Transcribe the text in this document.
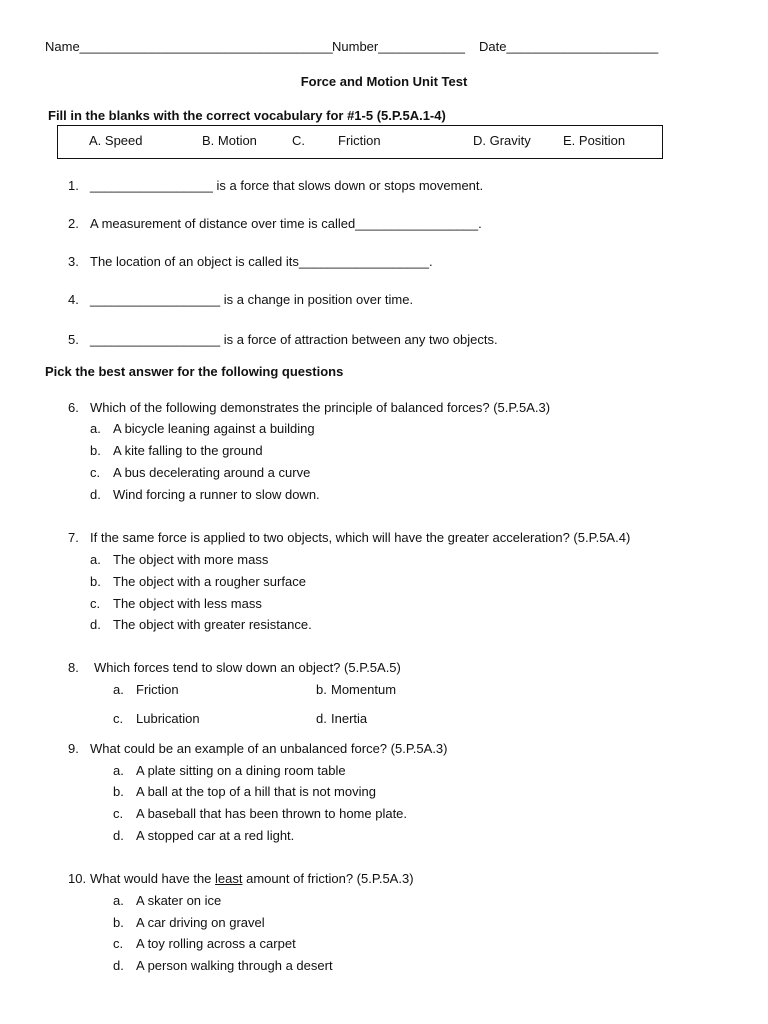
Name___________________________________ Number____________ Date_____________________
Force and Motion Unit Test
Fill in the blanks with the correct vocabulary for #1-5 (5.P.5A.1-4)
A. Speed	B. Motion	C.	Friction	D. Gravity E. Position
1. _________________ is a force that slows down or stops movement.
2. A measurement of distance over time is called_________________.
3. The location of an object is called its__________________.
4. __________________ is a change in position over time.
5. __________________ is a force of attraction between any two objects.
Pick the best answer for the following questions
6. Which of the following demonstrates the principle of balanced forces? (5.P.5A.3)
a. A bicycle leaning against a building
b. A kite falling to the ground
c. A bus decelerating around a curve
d. Wind forcing a runner to slow down.
7. If the same force is applied to two objects, which will have the greater acceleration? (5.P.5A.4)
a. The object with more mass
b. The object with a rougher surface
c. The object with less mass
d. The object with greater resistance.
8. Which forces tend to slow down an object? (5.P.5A.5)
a. Friction	b. Momentum
c. Lubrication	d. Inertia
9. What could be an example of an unbalanced force? (5.P.5A.3)
a. A plate sitting on a dining room table
b. A ball at the top of a hill that is not moving
c. A baseball that has been thrown to home plate.
d. A stopped car at a red light.
10. What would have the least amount of friction? (5.P.5A.3)
a. A skater on ice
b. A car driving on gravel
c. A toy rolling across a carpet
d. A person walking through a desert
